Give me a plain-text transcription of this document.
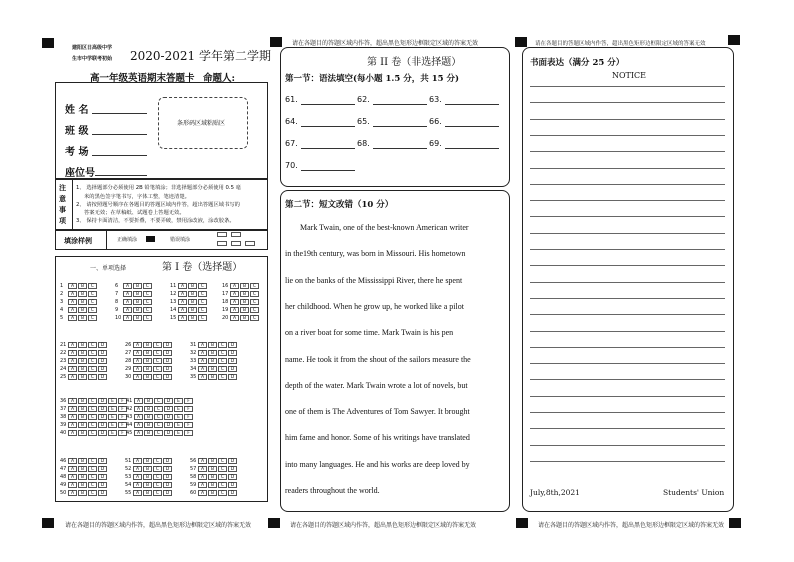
请在各题目的答题区域内作答，超出黑色矩形边框限定区域的答案无效	请在各题目的答题区域内作答，超出黑色矩形边框限定区域的答案无效
请在各题目的答题区域内作答，超出黑色矩形边框限定区域的答案无效	请在各题目的答题区域内作答，超出黑色矩形边框限定区域的答案无效	请在各题目的答题区域内作答，超出黑色矩形边框限定区域的答案无效
建阳区日高级中学
生市中学联考初始 2020-2021 学年第二学期
高一年级英语期末答题卡 命题人:
姓 名
班 级
考 场
座位号
条形码区域粘贴区
注
意
事
项
1、 选择题部分必须使用 2B 铅笔填涂；非选择题部分必须使用 0.5 毫
米的黑色签字笔书写，字体工整，笔迹清楚。
2、 请按照题号顺序在各题目的答题区域内作答，超出答题区域书写的
答案无效；在草稿纸、试题卷上答题无效。
3、 保持卡面清洁，不要折叠，不要弄破，禁用涂改液，涂改胶条。
填涂样例	正确填涂	错误填涂
一、单项选择	第 I 卷（选择题）
1	A	B	C
2	A	B	C
3	A	B	C
4	A	B	C
5	A	B	C
6	A	B	C
7	A	B	C
8	A	B	C
9	A	B	C
10	A	B	C
11	A	B	C
12	A	B	C
13	A	B	C
14	A	B	C
15	A	B	C
16	A	B	C
17	A	B	C
18	A	B	C
19	A	B	C
20	A	B	C
21	A	B	C	D
22	A	B	C	D
23	A	B	C	D
24	A	B	C	D
25	A	B	C	D
26	A	B	C	D
27	A	B	C	D
28	A	B	C	D
29	A	B	C	D
30	A	B	C	D
31	A	B	C	D
32	A	B	C	D
33	A	B	C	D
34	A	B	C	D
35	A	B	C	D
36	A	B	C	D	E	F
37	A	B	C	D	E	F
38	A	B	C	D	E	F
39	A	B	C	D	E	F
40	A	B	C	D	E	F
41	A	B	C	D	E	F
42	A	B	C	D	E	F
43	A	B	C	D	E	F
44	A	B	C	D	E	F
45	A	B	C	D	E	F
46	A	B	C	D
47	A	B	C	D
48	A	B	C	D
49	A	B	C	D
50	A	B	C	D
51	A	B	C	D
52	A	B	C	D
53	A	B	C	D
54	A	B	C	D
55	A	B	C	D
56	A	B	C	D
57	A	B	C	D
58	A	B	C	D
59	A	B	C	D
60	A	B	C	D
第 II 卷（非选择题）
第一节：语法填空(每小题 1.5 分，共 15 分)
61.	62.	63.
64.	65.	66.
67.	68.	69.
70.
第二节：短文改错（10 分）
Mark Twain, one of the best-known American writer
in the19th century, was born in Missouri. His hometown
lie on the banks of the Mississippi River, there he spent
her childhood. When he grow up, he worked like a pilot
on a river boat for some time. Mark Twain is his pen
name. He took it from the shout of the sailors measure the
depth of the water. Mark Twain wrote a lot of novels, but
one of them is The Adventures of Tom Sawyer. It brought
him fame and honor. Some of his writings have translated
into many languages. He and his works are deep loved by
readers throughout the world.
书面表达（满分 25 分）
NOTICE
July,8th,2021	Students' Union
